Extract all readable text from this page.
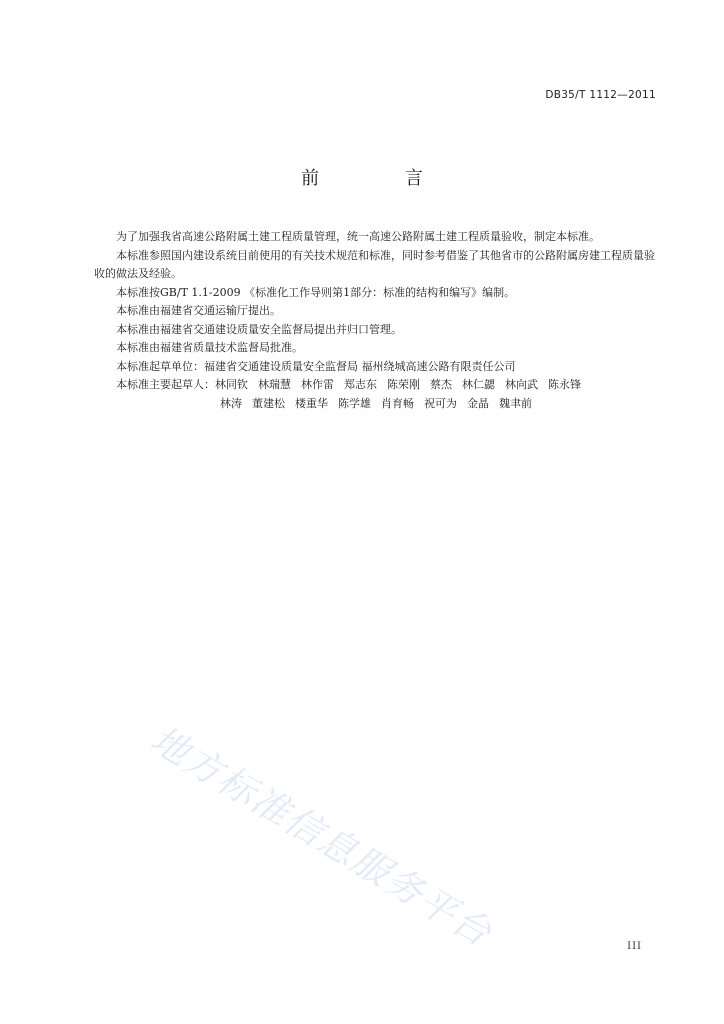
DB35/T 1112—2011
前 言

为了加强我省高速公路附属土建工程质量管理，统一高速公路附属土建工程质量验收，制定本标准。

本标准参照国内建设系统目前使用的有关技术规范和标准，同时参考借鉴了其他省市的公路附属房建工程质量验收的做法及经验。

本标准按GB/T 1.1-2009 《标准化工作导则第1部分：标准的结构和编写》编制。

本标准由福建省交通运输厅提出。

本标准由福建省交通建设质量安全监督局提出并归口管理。

本标准由福建省质量技术监督局批准。

本标准起草单位：福建省交通建设质量安全监督局 福州绕城高速公路有限责任公司

本标准主要起草人：林同钦 林瑞慧 林作雷 郑志东 陈荣刚 蔡杰 林仁勰 林向武 陈永锋

林涛 董建松 楼重华 陈学雄 肖育畅 祝可为 金晶 魏聿前

地方标准信息服务平台	III
